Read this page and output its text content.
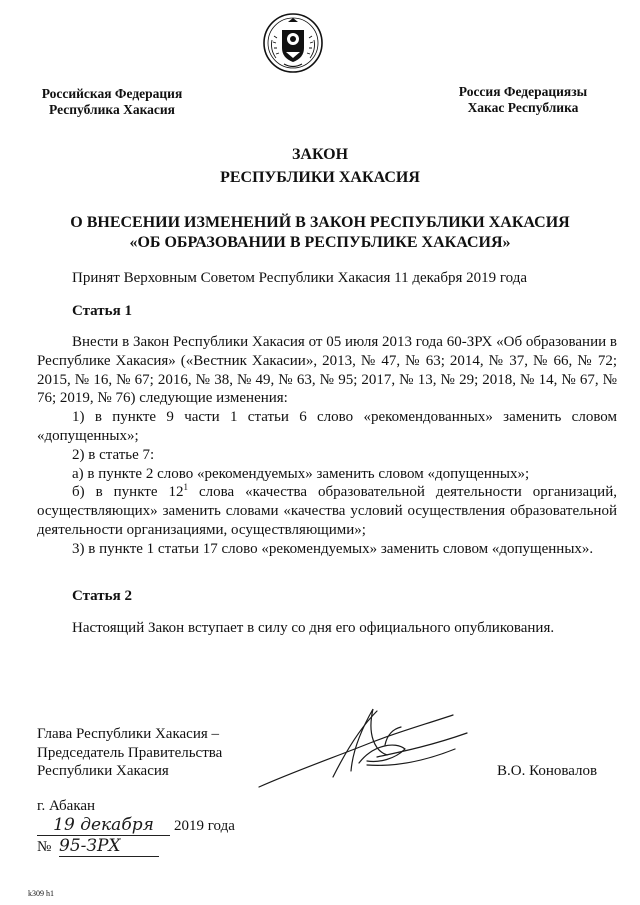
Российская Федерация
Республика Хакасия
Россия Федерациязы
Хакас Республика
ЗАКОН
РЕСПУБЛИКИ ХАКАСИЯ
О ВНЕСЕНИИ ИЗМЕНЕНИЙ В ЗАКОН РЕСПУБЛИКИ ХАКАСИЯ
«ОБ ОБРАЗОВАНИИ В РЕСПУБЛИКЕ ХАКАСИЯ»
Принят Верховным Советом Республики Хакасия 11 декабря 2019 года
Статья 1

Внести в Закон Республики Хакасия от 05 июля 2013 года 60-ЗРХ «Об образовании в Республике Хакасия» («Вестник Хакасии», 2013, № 47, № 63; 2014, № 37, № 66, № 72; 2015, № 16, № 67; 2016, № 38, № 49, № 63, № 95; 2017, № 13, № 29; 2018, № 14, № 67, № 76; 2019, № 76) следующие изменения:

1) в пункте 9 части 1 статьи 6 слово «рекомендованных» заменить словом «допущенных»;

2) в статье 7:

а) в пункте 2 слово «рекомендуемых» заменить словом «допущенных»;

б) в пункте $12^1$ слова «качества образовательной деятельности организаций, осуществляющих» заменить словами «качества условий осуществления образовательной деятельности организациями, осуществляющими»;

3) в пункте 1 статьи 17 слово «рекомендуемых» заменить словом «допущенных».

Статья 2

Настоящий Закон вступает в силу со дня его официального опубликования.

Глава Республики Хакасия –
Председатель Правительства
Республики Хакасия	В.О. Коновалов
г. Абакан
19 декабря	2019 года
№ 95-ЗРХ
k309 h1
